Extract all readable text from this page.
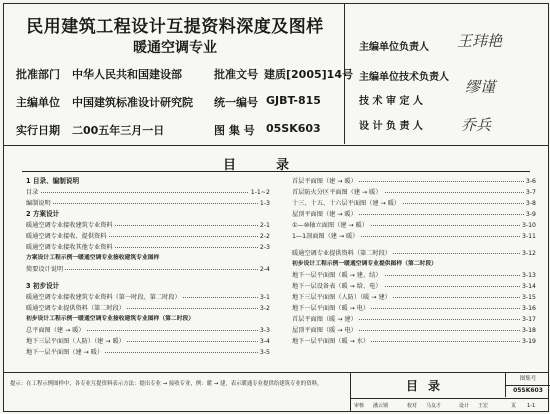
民用建筑工程设计互提资料深度及图样
暖通空调专业
批准部门 中华人民共和国建设部	批准文号 建质[2005]14号
主编单位 中国建筑标准设计研究院 统一编号 GJBT-815
实行日期 二00五年三月一日	图 集 号 05SK603
主编单位负责人 王玮艳
主编单位技术负责人
缪谨
技 术 审 定 人
设 计 负 责 人	乔兵
目录
1 目录、编制说明
目录	1-1~2
编制说明	1-3
2 方案设计
暖通空调专业接收建筑专业资料	2-1
暖通空调专业接收、提供资料	2-2
暖通空调专业接收其他专业资料	2-3
方案设计工程示例一暖通空调专业接收建筑专业图样
简要设计说明	2-4
3 初步设计
暖通空调专业接收建筑专业资料（第一时段、第二时段）	3-1
暖通空调专业提供资料（第二时段）	3-2
初步设计工程示例一暖通空调专业接收建筑专业图样（第二时段）
总平面图（建 → 暖）	3-3
地下三层平面图（人防）（建 → 暖）	3-4
地下一层平面图（建 → 暖）	3-5
首层平面图（建 → 暖）	3-6
首层防火分区平面图（建 → 暖）	3-7
十三、十五、十六层平面图（建 → 暖）	3-8
屋顶平面图（建 → 暖）	3-9
①—⑩轴立面图（建 → 暖）	3-10
1—1剖面图（建 → 暖）	3-11
暖通空调专业提供资料（第二时段）	3-12
初步设计工程示例一暖通空调专业提供图样（第二时段）
地下一层平面图（暖 → 建、结）	3-13
地下一层设备表（暖 → 给、电）	3-14
地下三层平面图（人防）（暖 → 建）	3-15
地下一层平面图（暖 → 电）	3-16
首层平面图（暖 → 建）	3-17
屋顶平面图（暖 → 电）	3-18
地下一层平面图（暖 → 水）	3-19
提示：在工程示例图样中，各专业互提资料表示方法：提出专业 → 接收专业，例：暖 → 建，表示暖通专业提供给建筑专业的资料。	目录	图集号
05SK603
审核 潘云钢	校对 马友才	设计 王宏	页 1-1
